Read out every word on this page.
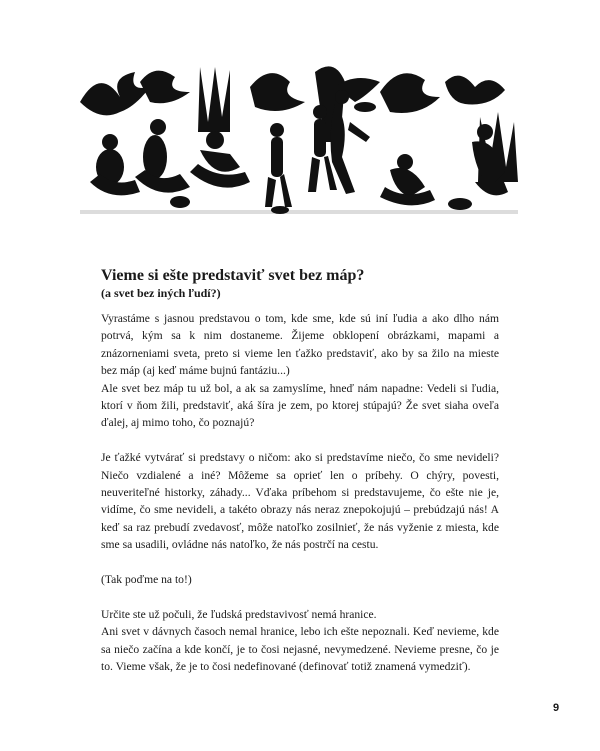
Vieme si ešte predstaviť svet bez máp?
(a svet bez iných ľudí?)

Vyrastáme s jasnou predstavou o tom, kde sme, kde sú iní ľudia a ako dlho nám potrvá, kým sa k nim dostaneme. Žijeme obklopení obrázkami, mapami a znázorneniami sveta, preto si vieme len ťažko predstaviť, ako by sa žilo na mieste bez máp (aj keď máme bujnú fantáziu...)

Ale svet bez máp tu už bol, a ak sa zamyslíme, hneď nám napadne: Vedeli si ľudia, ktorí v ňom žili, predstaviť, aká šíra je zem, po ktorej stúpajú? Že svet siaha oveľa ďalej, aj mimo toho, čo poznajú?

Je ťažké vytvárať si predstavy o ničom: ako si predstavíme niečo, čo sme nevideli? Niečo vzdialené a iné? Môžeme sa oprieť len o príbehy. O chýry, povesti, neuveriteľné historky, záhady... Vďaka príbehom si predstavujeme, čo ešte nie je, vidíme, čo sme nevideli, a takéto obrazy nás neraz znepokojujú – prebúdzajú nás! A keď sa raz prebudí zvedavosť, môže natoľko zosilnieť, že nás vyženie z miesta, kde sme sa usadili, ovládne nás natoľko, že nás postrčí na cestu.

(Tak poďme na to!)

Určite ste už počuli, že ľudská predstavivosť nemá hranice.

Ani svet v dávnych časoch nemal hranice, lebo ich ešte nepoznali. Keď nevieme, kde sa niečo začína a kde končí, je to čosi nejasné, nevymedzené. Nevieme presne, čo je to. Vieme však, že je to čosi nedefinované (definovať totiž znamená vymedziť).

9
